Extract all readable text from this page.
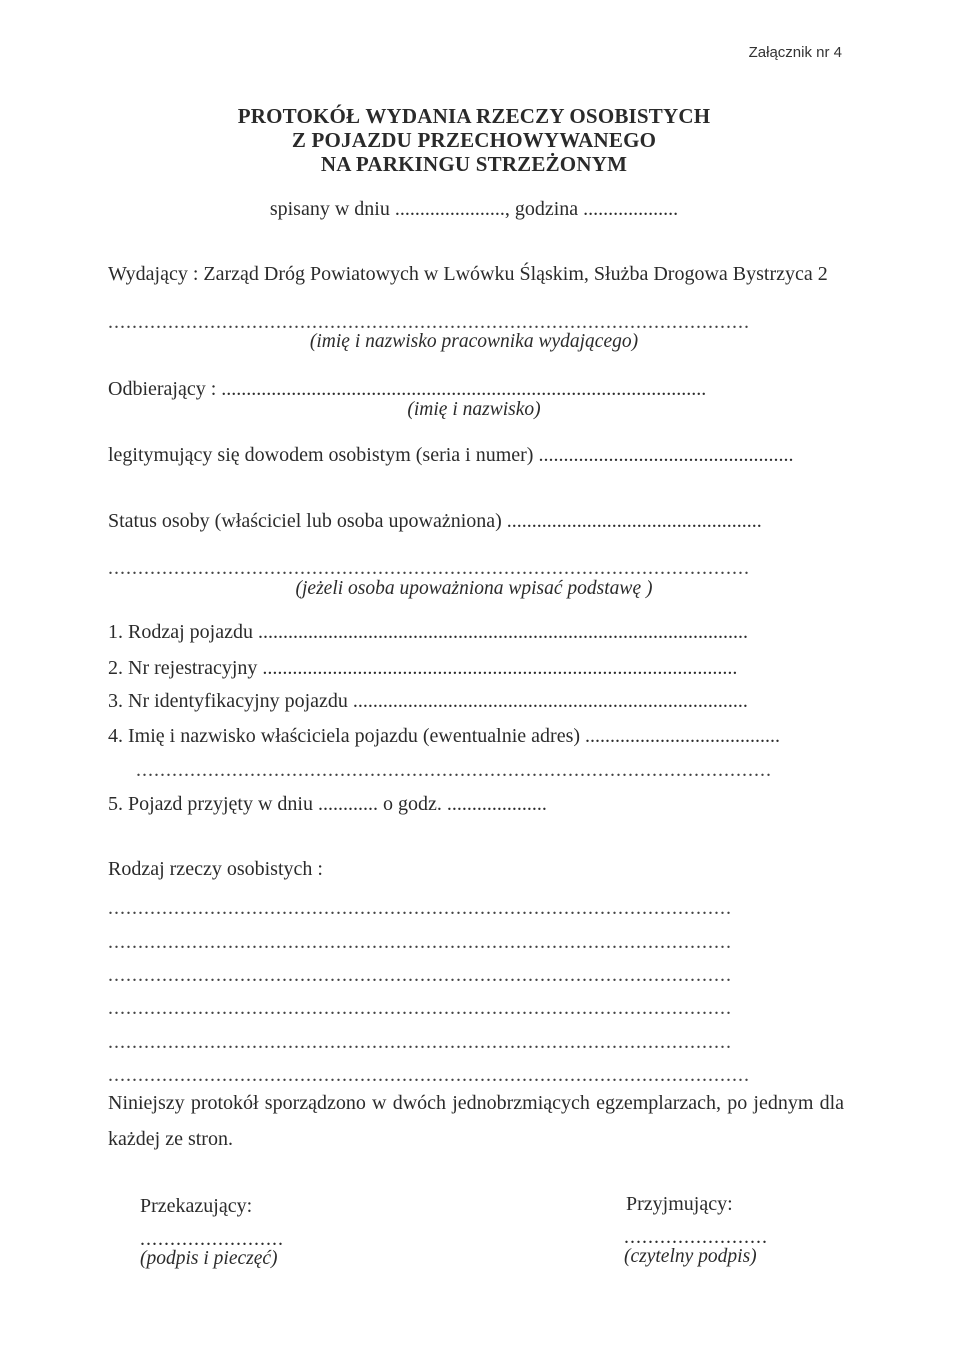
Załącznik nr 4
PROTOKÓŁ WYDANIA RZECZY OSOBISTYCH
Z POJAZDU PRZECHOWYWANEGO
NA PARKINGU STRZEŻONYM
spisany w dniu ......................, godzina ...................
Wydający : Zarząd Dróg Powiatowych w Lwówku Śląskim, Służba Drogowa Bystrzyca 2
...........................................................................................................
(imię i nazwisko pracownika wydającego)
Odbierający : .................................................................................................
(imię i nazwisko)
legitymujący się dowodem osobistym (seria i numer) ...................................................
Status osoby (właściciel lub osoba upoważniona) ...................................................
...........................................................................................................
(jeżeli osoba upoważniona wpisać podstawę )
1. Rodzaj pojazdu ..................................................................................................
2. Nr rejestracyjny ...............................................................................................
3. Nr identyfikacyjny pojazdu ...............................................................................
4. Imię i nazwisko właściciela pojazdu (ewentualnie adres) .......................................
..........................................................................................................
5. Pojazd przyjęty w dniu ............ o godz. ....................
Rodzaj rzeczy osobistych :
........................................................................................................
........................................................................................................
........................................................................................................
........................................................................................................
........................................................................................................
...........................................................................................................
Niniejszy protokół sporządzono w dwóch jednobrzmiących egzemplarzach, po jednym dla
każdej ze stron.
Przekazujący:
........................
(podpis i pieczęć)
Przyjmujący:
........................
(czytelny podpis)
